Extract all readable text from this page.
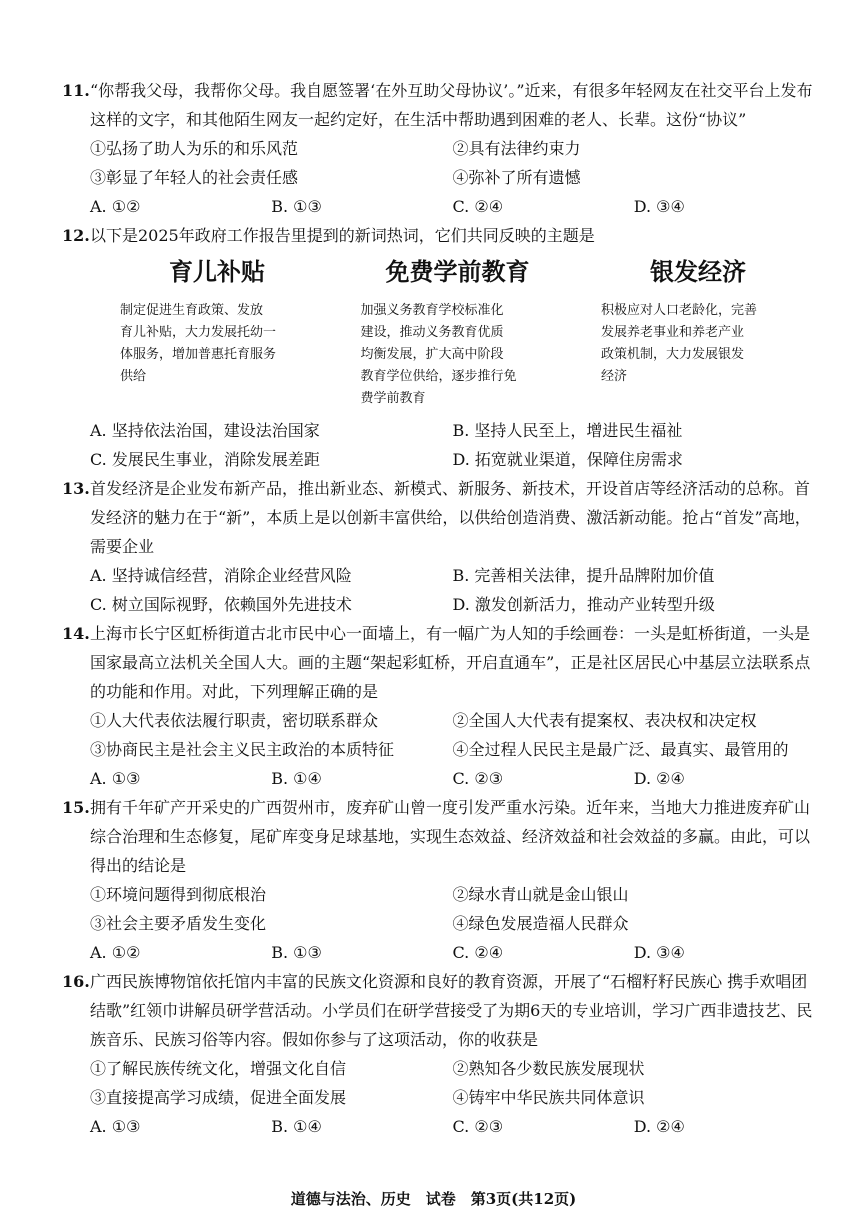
11. “你帮我父母，我帮你父母。我自愿签署‘在外互助父母协议’。”近来，有很多年轻网友在社交平台上发布这样的文字，和其他陌生网友一起约定好，在生活中帮助遇到困难的老人、长辈。这份“协议”
①弘扬了助人为乐的和乐风范	②具有法律约束力
③彰显了年轻人的社会责任感	④弥补了所有遗憾
A. ①②	B. ①③	C. ②④	D. ③④
12. 以下是2025年政府工作报告里提到的新词热词，它们共同反映的主题是
育儿补贴
制定促进生育政策、发放
育儿补贴，大力发展托幼一
体服务，增加普惠托育服务
供给
免费学前教育
加强义务教育学校标准化
建设，推动义务教育优质
均衡发展，扩大高中阶段
教育学位供给，逐步推行免
费学前教育
银发经济
积极应对人口老龄化，完善
发展养老事业和养老产业
政策机制，大力发展银发
经济
A. 坚持依法治国，建设法治国家	B. 坚持人民至上，增进民生福祉
C. 发展民生事业，消除发展差距	D. 拓宽就业渠道，保障住房需求
13. 首发经济是企业发布新产品，推出新业态、新模式、新服务、新技术，开设首店等经济活动的总称。首发经济的魅力在于“新”，本质上是以创新丰富供给，以供给创造消费、激活新动能。抢占“首发”高地，需要企业
A. 坚持诚信经营，消除企业经营风险	B. 完善相关法律，提升品牌附加价值
C. 树立国际视野，依赖国外先进技术	D. 激发创新活力，推动产业转型升级
14. 上海市长宁区虹桥街道古北市民中心一面墙上，有一幅广为人知的手绘画卷：一头是虹桥街道，一头是国家最高立法机关全国人大。画的主题“架起彩虹桥，开启直通车”，正是社区居民心中基层立法联系点的功能和作用。对此，下列理解正确的是
①人大代表依法履行职责，密切联系群众	②全国人大代表有提案权、表决权和决定权
③协商民主是社会主义民主政治的本质特征	④全过程人民民主是最广泛、最真实、最管用的
A. ①③	B. ①④	C. ②③	D. ②④
15. 拥有千年矿产开采史的广西贺州市，废弃矿山曾一度引发严重水污染。近年来，当地大力推进废弃矿山综合治理和生态修复，尾矿库变身足球基地，实现生态效益、经济效益和社会效益的多赢。由此，可以得出的结论是
①环境问题得到彻底根治	②绿水青山就是金山银山
③社会主要矛盾发生变化	④绿色发展造福人民群众
A. ①②	B. ①③	C. ②④	D. ③④
16. 广西民族博物馆依托馆内丰富的民族文化资源和良好的教育资源，开展了“石榴籽籽民族心 携手欢唱团结歌”红领巾讲解员研学营活动。小学员们在研学营接受了为期6天的专业培训，学习广西非遗技艺、民族音乐、民族习俗等内容。假如你参与了这项活动，你的收获是
①了解民族传统文化，增强文化自信	②熟知各少数民族发展现状
③直接提高学习成绩，促进全面发展	④铸牢中华民族共同体意识
A. ①③	B. ①④	C. ②③	D. ②④
道德与法治、历史　试卷　第3页(共12页)
